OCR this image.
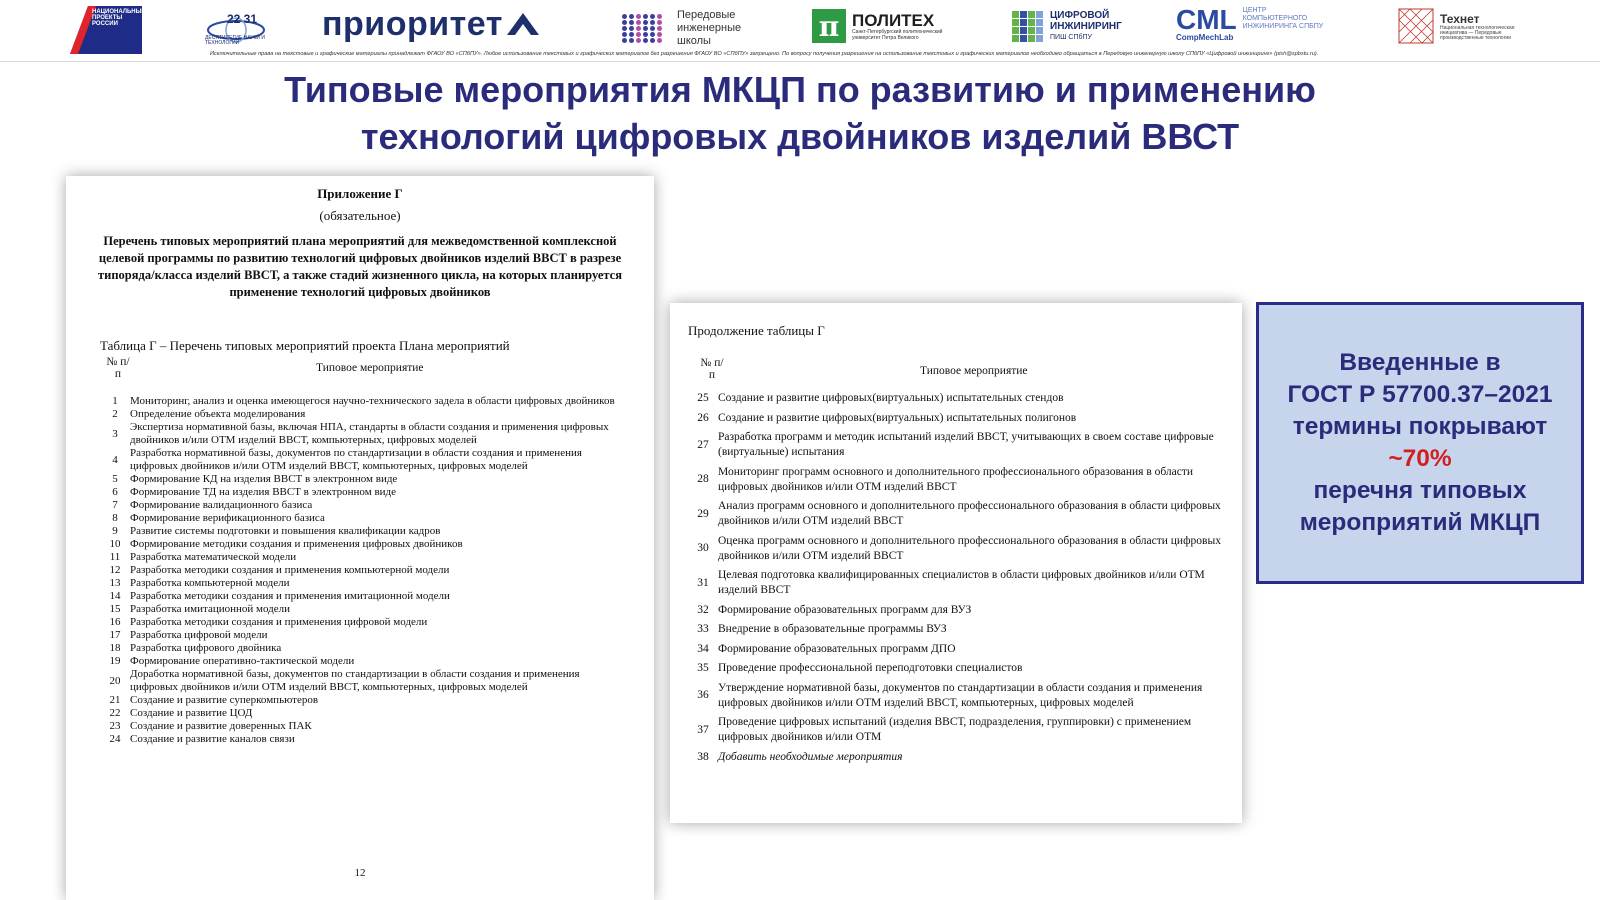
НАЦИОНАЛЬНЫЕ ПРОЕКТЫ РОССИИ	22 31
ДЕСЯТИЛЕТИЕ НАУКИ И ТЕХНОЛОГИЙ
приоритет	Передовые
инженерные
школы	π ПОЛИТЕХ
Санкт-Петербургский политехнический университет Петра Великого
ЦИФРОВОЙ
ИНЖИНИРИНГ
ПИШ СПбПУ
CML
CompMechLab
ЦЕНТР
КОМПЬЮТЕРНОГО
ИНЖИНИРИНГА СПБПУ
Технет
Национальная технологическая инициатива — Передовые производственные технологии
Исключительные права на текстовые и графические материалы принадлежат ФГАОУ ВО «СПбПУ». Любое использование текстовых и графических материалов без разрешения ФГАОУ ВО «СПбПУ» запрещено. По вопросу получения разрешения на использование текстовых и графических материалов необходимо обращаться в Передовую инженерную школу СПбПУ «Цифровой инжиниринг» (pish@spbstu.ru).
Типовые мероприятия МКЦП по развитию и применению
технологий цифровых двойников изделий ВВСТ
Приложение Г
(обязательное)
Перечень типовых мероприятий плана мероприятий для межведомственной комплексной целевой программы по развитию технологий цифровых двойников изделий ВВСТ в разрезе типоряда/класса изделий ВВСТ, а также стадий жизненного цикла, на которых планируется применение технологий цифровых двойников
Таблица Г – Перечень типовых мероприятий проекта Плана мероприятий
№ п/п	Типовое мероприятие
1	Мониторинг, анализ и оценка имеющегося научно-технического задела в области цифровых двойников
2	Определение объекта моделирования
3
Экспертиза нормативной базы, включая НПА, стандарты в области создания и применения цифровых двойников и/или ОТМ изделий ВВСТ, компьютерных, цифровых моделей
4
Разработка нормативной базы, документов по стандартизации в области создания и применения цифровых двойников и/или ОТМ изделий ВВСТ, компьютерных, цифровых моделей
5	Формирование КД на изделия ВВСТ в электронном виде
6	Формирование ТД на изделия ВВСТ в электронном виде
7	Формирование валидационного базиса
8	Формирование верификационного базиса
9	Развитие системы подготовки и повышения квалификации кадров
10 Формирование методики создания и применения цифровых двойников
11 Разработка математической модели
12 Разработка методики создания и применения компьютерной модели
13 Разработка компьютерной модели
14 Разработка методики создания и применения имитационной модели
15 Разработка имитационной модели
16 Разработка методики создания и применения цифровой модели
17 Разработка цифровой модели
18 Разработка цифрового двойника
19 Формирование оперативно-тактической модели
20
Доработка нормативной базы, документов по стандартизации в области создания и применения цифровых двойников и/или ОТМ изделий ВВСТ, компьютерных, цифровых моделей
21 Создание и развитие суперкомпьютеров
22 Создание и развитие ЦОД
23 Создание и развитие доверенных ПАК
24 Создание и развитие каналов связи
12
Продолжение таблицы Г
№ п/п	Типовое мероприятие
25 Создание и развитие цифровых(виртуальных) испытательных стендов
26 Создание и развитие цифровых(виртуальных) испытательных полигонов
27
Разработка программ и методик испытаний изделий ВВСТ, учитывающих в своем составе цифровые (виртуальные) испытания
28
Мониторинг программ основного и дополнительного профессионального образования в области цифровых двойников и/или ОТМ изделий ВВСТ
29
Анализ программ основного и дополнительного профессионального образования в области цифровых двойников и/или ОТМ изделий ВВСТ
30
Оценка программ основного и дополнительного профессионального образования в области цифровых двойников и/или ОТМ изделий ВВСТ
31
Целевая подготовка квалифицированных специалистов в области цифровых двойников и/или ОТМ изделий ВВСТ
32 Формирование образовательных программ для ВУЗ
33 Внедрение в образовательные программы ВУЗ
34 Формирование образовательных программ ДПО
35 Проведение профессиональной переподготовки специалистов
36
Утверждение нормативной базы, документов по стандартизации в области создания и применения цифровых двойников и/или ОТМ изделий ВВСТ, компьютерных, цифровых моделей
37
Проведение цифровых испытаний (изделия ВВСТ, подразделения, группировки) с применением цифровых двойников и/или ОТМ
38 Добавить необходимые мероприятия
Введенные в
ГОСТ Р 57700.37–2021
термины покрывают
~70%
перечня типовых
мероприятий МКЦП
